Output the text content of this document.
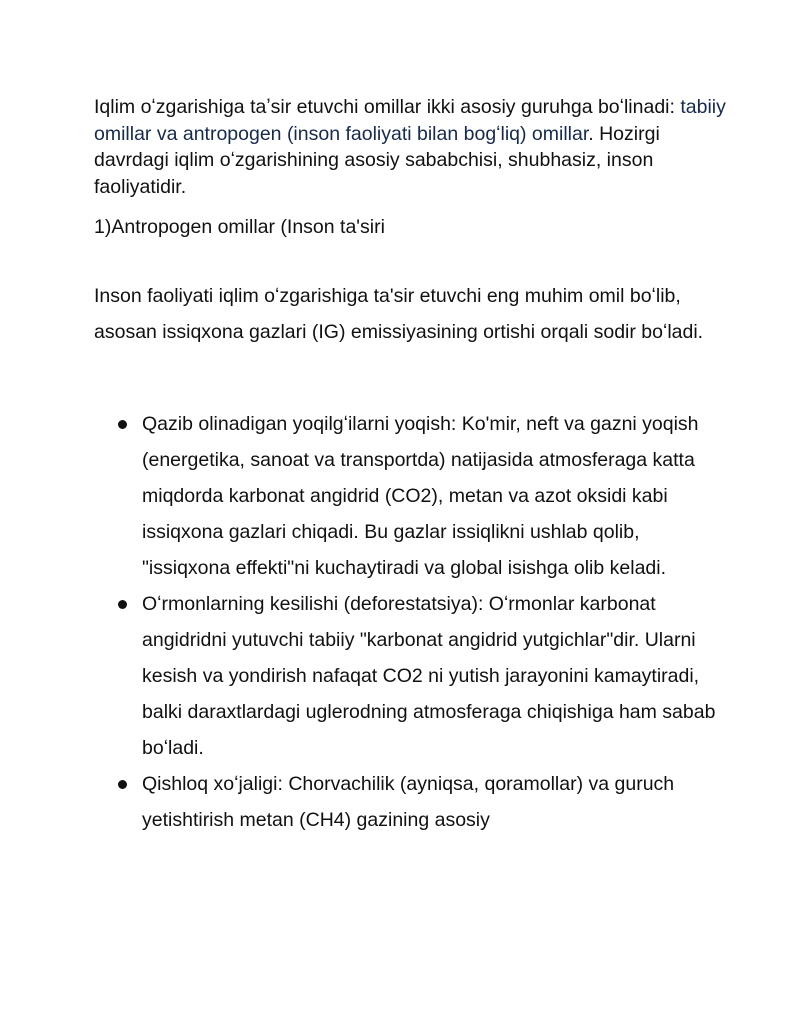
Iqlim oʻzgarishiga taʼsir etuvchi omillar ikki asosiy guruhga boʻlinadi: tabiiy omillar va antropogen (inson faoliyati bilan bogʻliq) omillar. Hozirgi davrdagi iqlim oʻzgarishining asosiy sababchisi, shubhasiz, inson faoliyatidir.

1)Antropogen omillar (Inson ta'siri

Inson faoliyati iqlim oʻzgarishiga ta'sir etuvchi eng muhim omil boʻlib, asosan issiqxona gazlari (IG) emissiyasining ortishi orqali sodir boʻladi.

Qazib olinadigan yoqilgʻilarni yoqish: Ko'mir, neft va gazni yoqish (energetika, sanoat va transportda) natijasida atmosferaga katta miqdorda karbonat angidrid (CO2), metan va azot oksidi kabi issiqxona gazlari chiqadi. Bu gazlar issiqlikni ushlab qolib, "issiqxona effekti"ni kuchaytiradi va global isishga olib keladi.
Oʻrmonlarning kesilishi (deforestatsiya): Oʻrmonlar karbonat angidridni yutuvchi tabiiy "karbonat angidrid yutgichlar"dir. Ularni kesish va yondirish nafaqat CO2 ni yutish jarayonini kamaytiradi, balki daraxtlardagi uglerodning atmosferaga chiqishiga ham sabab boʻladi.
Qishloq xoʻjaligi: Chorvachilik (ayniqsa, qoramollar) va guruch yetishtirish metan (CH4) gazining asosiy
